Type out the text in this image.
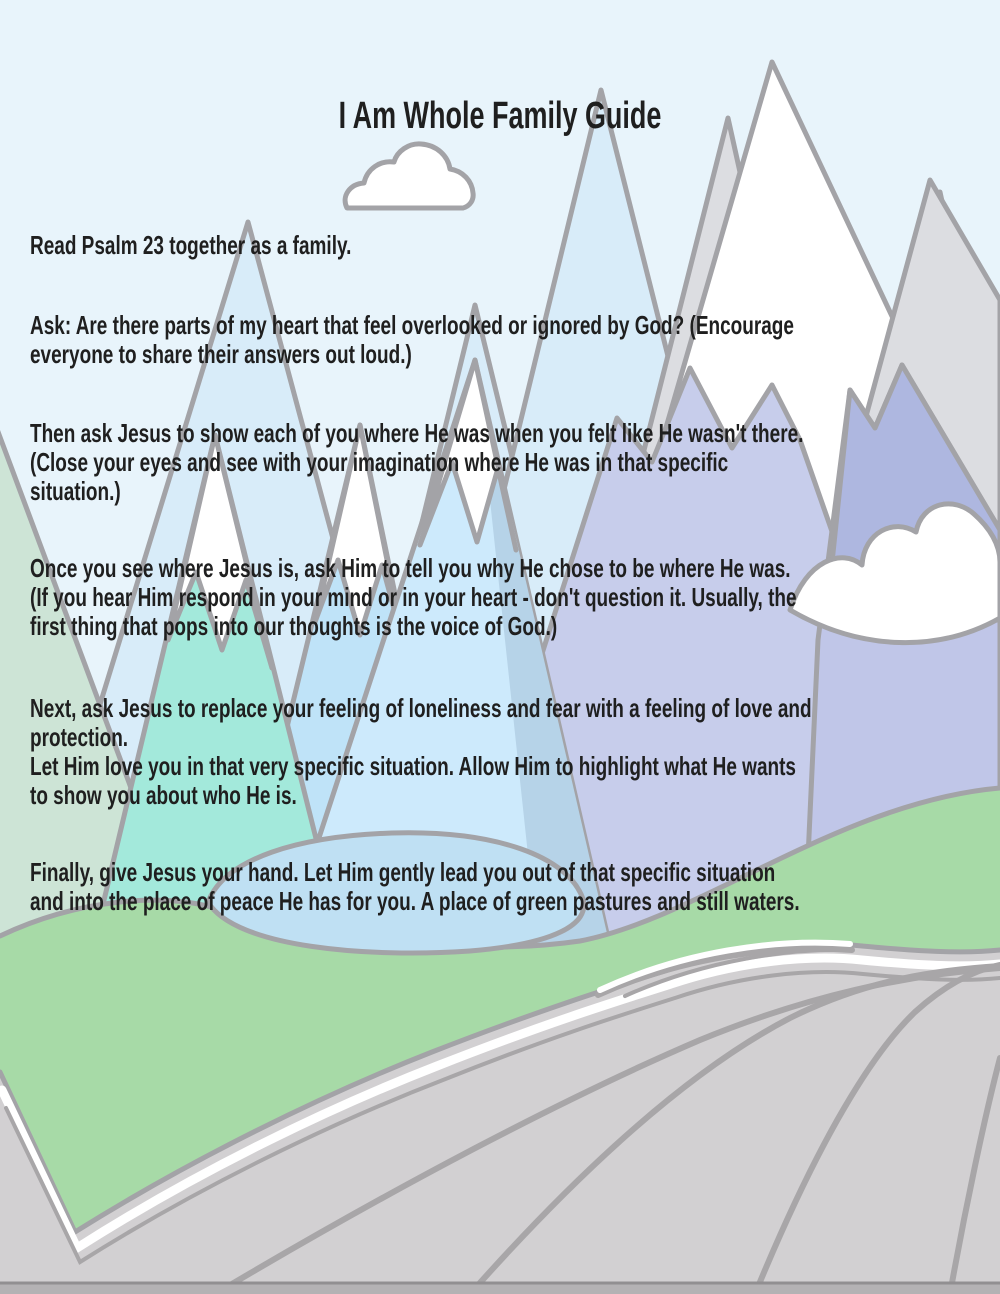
I Am Whole Family Guide
Read Psalm 23 together as a family.
Ask: Are there parts of my heart that feel overlooked or ignored by God? (Encourage
everyone to share their answers out loud.)
Then ask Jesus to show each of you where He was when you felt like He wasn't there.
(Close your eyes and see with your imagination where He was in that specific
situation.)
Once you see where Jesus is, ask Him to tell you why He chose to be where He was.
(If you hear Him respond in your mind or in your heart - don't question it. Usually, the
first thing that pops into our thoughts is the voice of God.)
Next, ask Jesus to replace your feeling of loneliness and fear with a feeling of love and
protection.
Let Him love you in that very specific situation. Allow Him to highlight what He wants
to show you about who He is.
Finally, give Jesus your hand. Let Him gently lead you out of that specific situation
and into the place of peace He has for you. A place of green pastures and still waters.
